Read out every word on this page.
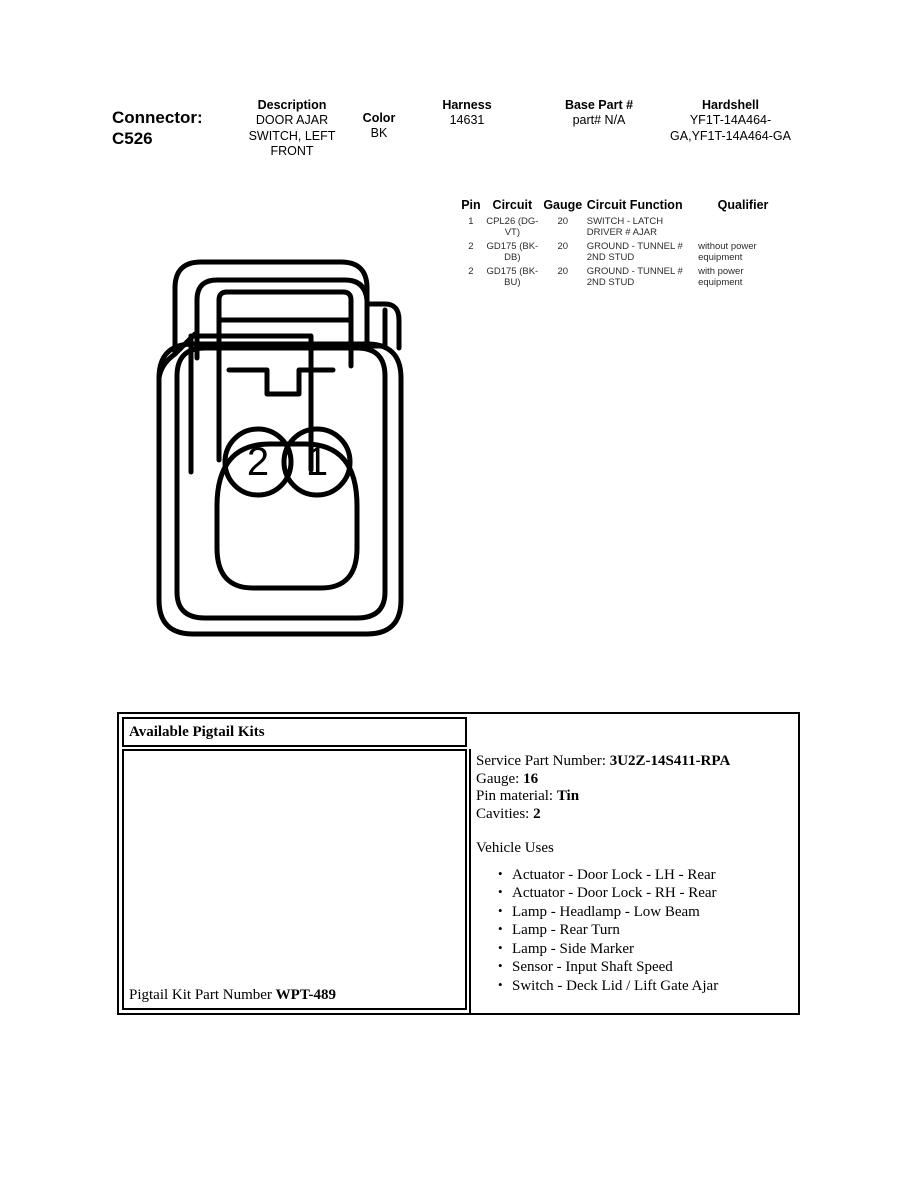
Connector:
C526
Description
DOOR AJAR SWITCH, LEFT FRONT
Color
BK
Harness
14631
Base Part #
part# N/A
Hardshell
YF1T-14A464-GA,YF1T-14A464-GA
Pin	Circuit	Gauge	Circuit Function	Qualifier
1	CPL26 (DG-VT)	20	SWITCH - LATCH DRIVER # AJAR	
2	GD175 (BK-DB)	20	GROUND - TUNNEL # 2ND STUD	without power equipment
2	GD175 (BK-BU)	20	GROUND - TUNNEL # 2ND STUD	with power equipment
2 1
Available Pigtail Kits
Pigtail Kit Part Number WPT-489
Service Part Number: 3U2Z-14S411-RPA
Gauge: 16
Pin material: Tin
Cavities: 2
Vehicle Uses
• Actuator - Door Lock - LH - Rear
• Actuator - Door Lock - RH - Rear
• Lamp - Headlamp - Low Beam
• Lamp - Rear Turn
• Lamp - Side Marker
• Sensor - Input Shaft Speed
• Switch - Deck Lid / Lift Gate Ajar
